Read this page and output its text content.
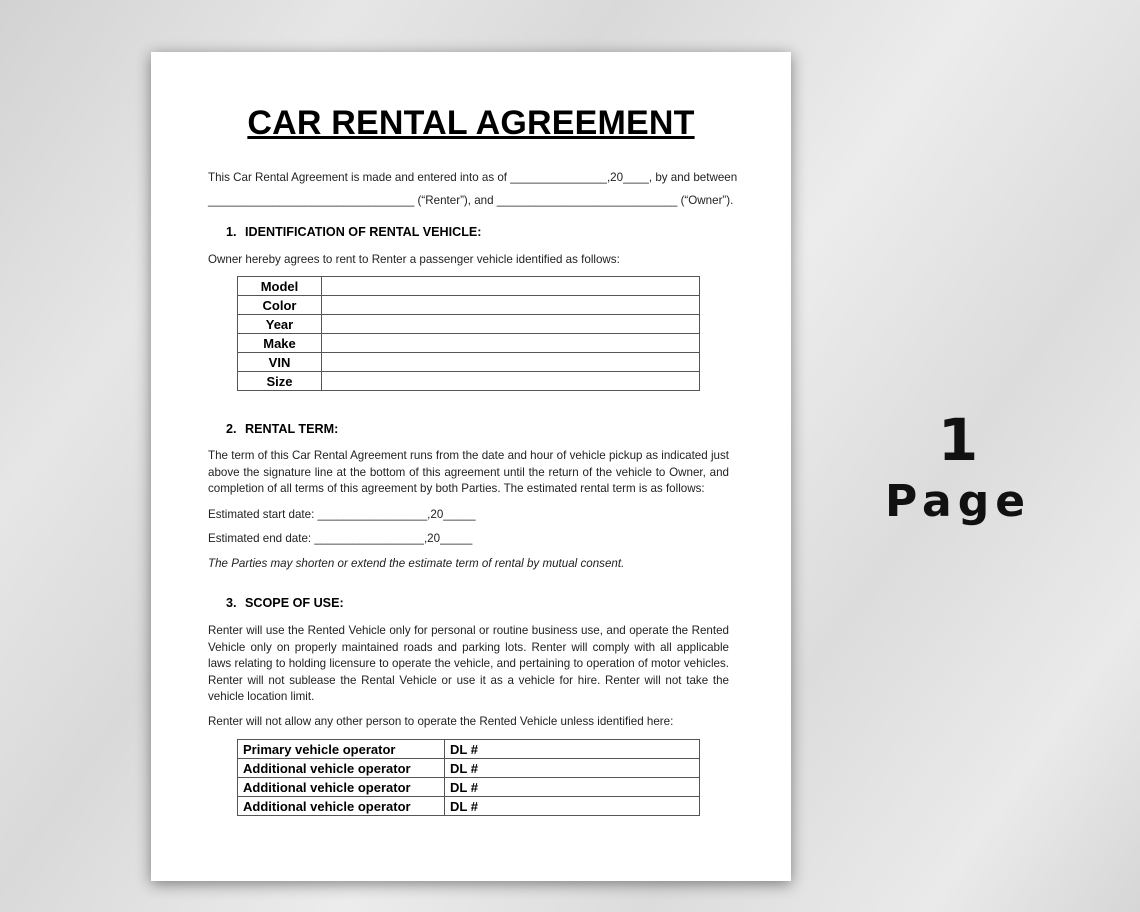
CAR RENTAL AGREEMENT
This Car Rental Agreement is made and entered into as of _______________,20____, by and between
________________________________ (“Renter”), and ____________________________ (“Owner”).
1. IDENTIFICATION OF RENTAL VEHICLE:
Owner hereby agrees to rent to Renter a passenger vehicle identified as follows:
Model	
Color	
Year	
Make	
VIN	
Size	
2. RENTAL TERM:
The term of this Car Rental Agreement runs from the date and hour of vehicle pickup as indicated just above the signature line at the bottom of this agreement until the return of the vehicle to Owner, and completion of all terms of this agreement by both Parties. The estimated rental term is as follows:
Estimated start date: _________________,20_____
Estimated end date: _________________,20_____
The Parties may shorten or extend the estimate term of rental by mutual consent.
3. SCOPE OF USE:
Renter will use the Rented Vehicle only for personal or routine business use, and operate the Rented Vehicle only on properly maintained roads and parking lots. Renter will comply with all applicable laws relating to holding licensure to operate the vehicle, and pertaining to operation of motor vehicles. Renter will not sublease the Rental Vehicle or use it as a vehicle for hire. Renter will not take the vehicle location limit.
Renter will not allow any other person to operate the Rented Vehicle unless identified here:
Primary vehicle operator	DL #
Additional vehicle operator	DL #
Additional vehicle operator	DL #
Additional vehicle operator	DL #
1
Page
